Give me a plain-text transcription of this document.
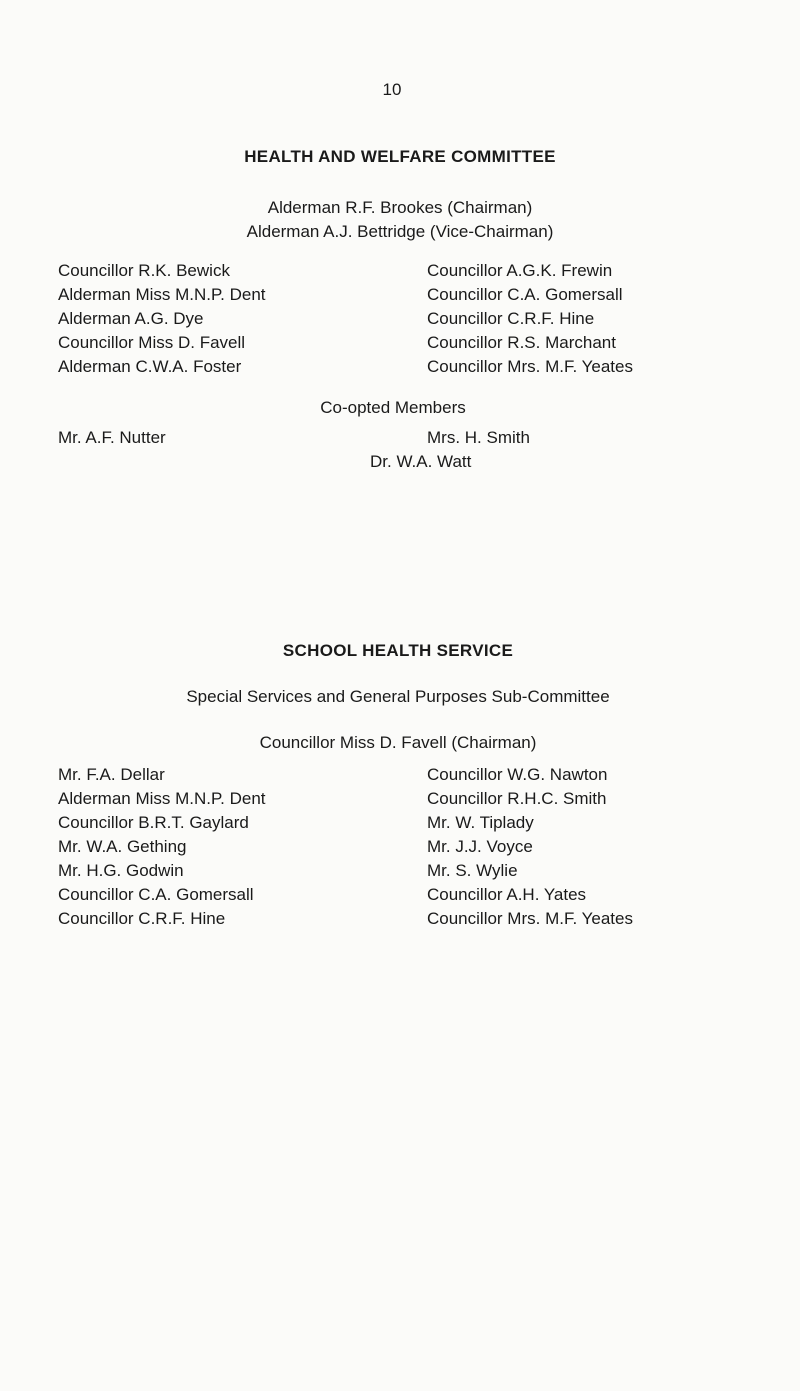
10
HEALTH AND WELFARE COMMITTEE
Alderman R.F. Brookes (Chairman)
Alderman A.J. Bettridge (Vice-Chairman)
Councillor R.K. Bewick
Alderman Miss M.N.P. Dent
Alderman A.G. Dye
Councillor Miss D. Favell
Alderman C.W.A. Foster
Councillor A.G.K. Frewin
Councillor C.A. Gomersall
Councillor C.R.F. Hine
Councillor R.S. Marchant
Councillor Mrs. M.F. Yeates
Co-opted Members
Mr. A.F. Nutter	Mrs. H. Smith
Dr. W.A. Watt
SCHOOL HEALTH SERVICE
Special Services and General Purposes Sub-Committee
Councillor Miss D. Favell (Chairman)
Mr. F.A. Dellar
Alderman Miss M.N.P. Dent
Councillor B.R.T. Gaylard
Mr. W.A. Gething
Mr. H.G. Godwin
Councillor C.A. Gomersall
Councillor C.R.F. Hine
Councillor W.G. Nawton
Councillor R.H.C. Smith
Mr. W. Tiplady
Mr. J.J. Voyce
Mr. S. Wylie
Councillor A.H. Yates
Councillor Mrs. M.F. Yeates
